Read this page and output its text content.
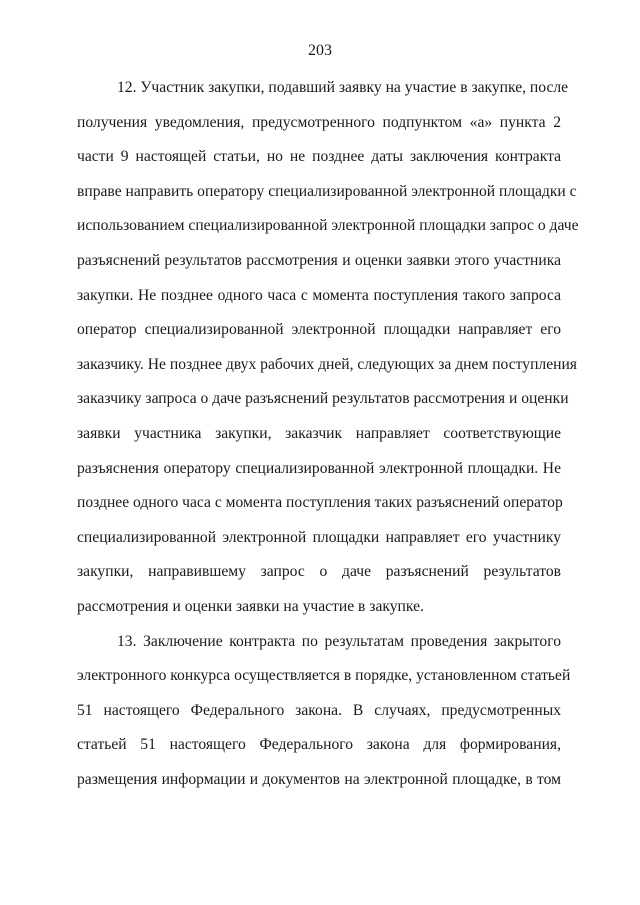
203
12. Участник закупки, подавший заявку на участие в закупке, после
получения уведомления, предусмотренного подпунктом «а» пункта 2
части 9 настоящей статьи, но не позднее даты заключения контракта
вправе направить оператору специализированной электронной площадки с
использованием специализированной электронной площадки запрос о даче
разъяснений результатов рассмотрения и оценки заявки этого участника
закупки. Не позднее одного часа с момента поступления такого запроса
оператор специализированной электронной площадки направляет его
заказчику. Не позднее двух рабочих дней, следующих за днем поступления
заказчику запроса о даче разъяснений результатов рассмотрения и оценки
заявки участника закупки, заказчик направляет соответствующие
разъяснения оператору специализированной электронной площадки. Не
позднее одного часа с момента поступления таких разъяснений оператор
специализированной электронной площадки направляет его участнику
закупки, направившему запрос о даче разъяснений результатов
рассмотрения и оценки заявки на участие в закупке.
13. Заключение контракта по результатам проведения закрытого
электронного конкурса осуществляется в порядке, установленном статьей
51 настоящего Федерального закона. В случаях, предусмотренных
статьей 51 настоящего Федерального закона для формирования,
размещения информации и документов на электронной площадке, в том
